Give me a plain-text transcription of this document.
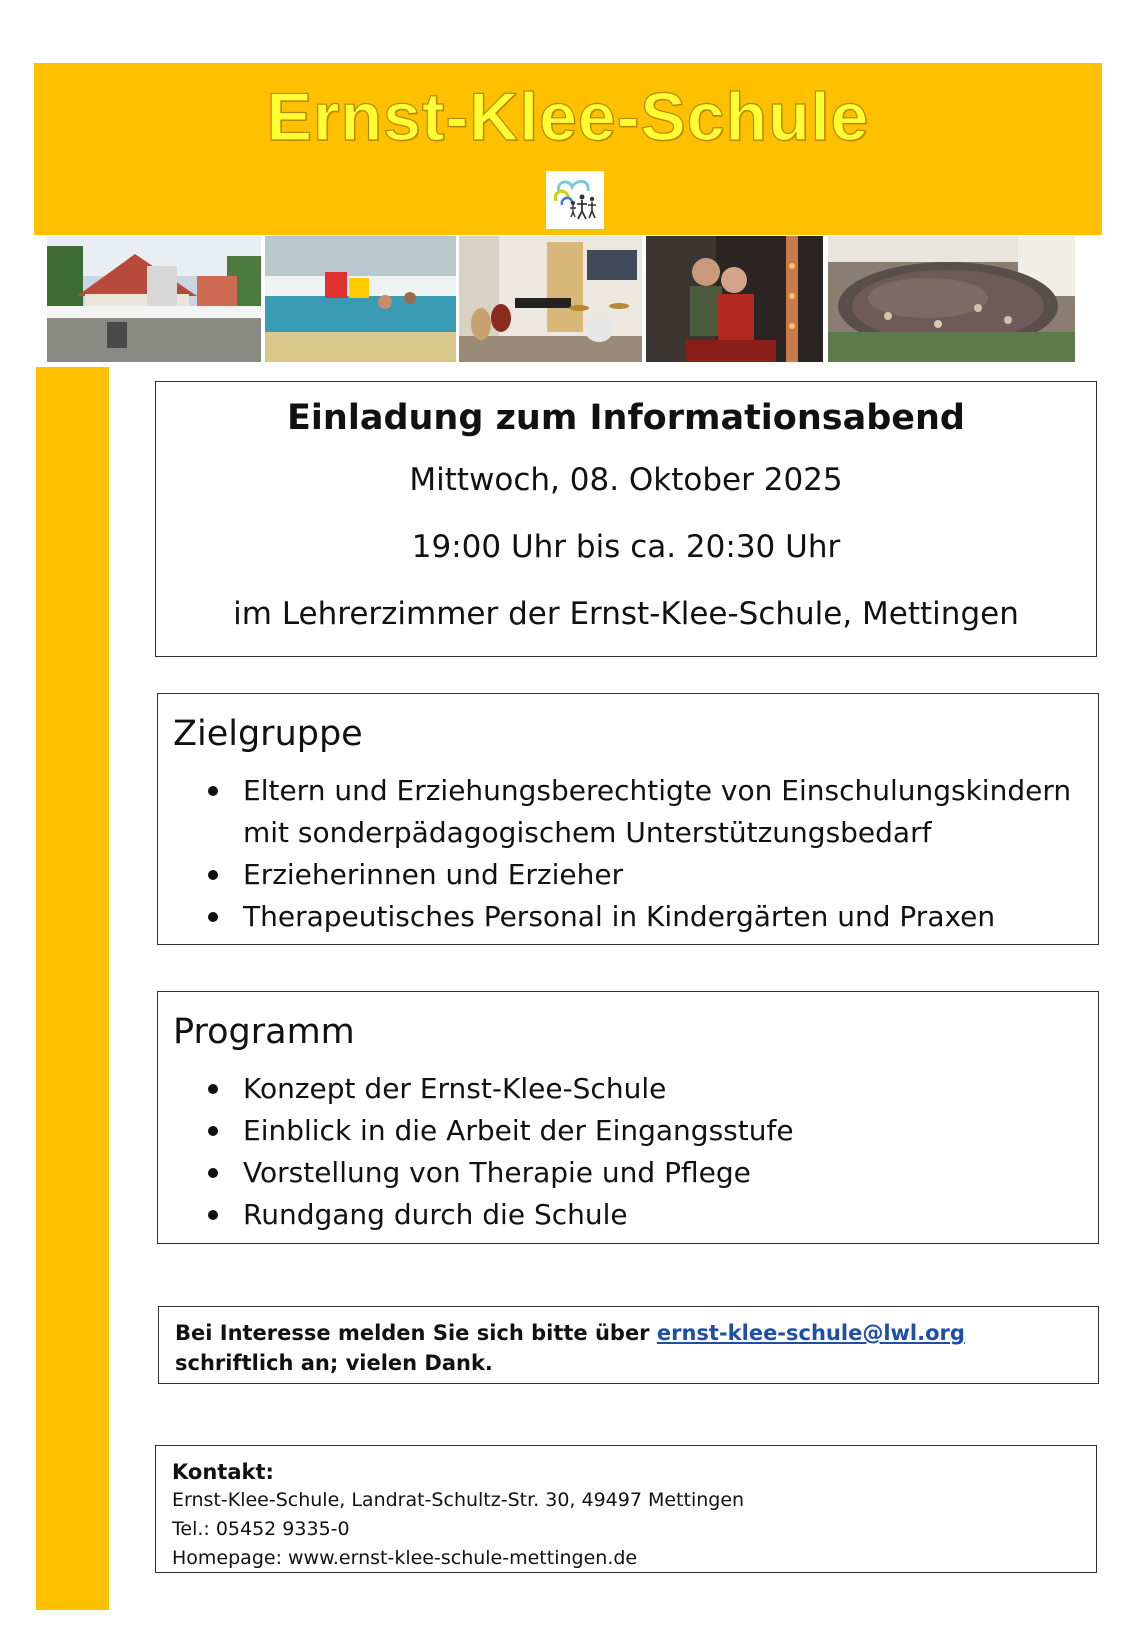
Ernst-Klee-Schule
Einladung zum Informationsabend
Mittwoch, 08. Oktober 2025
19:00 Uhr bis ca. 20:30 Uhr
im Lehrerzimmer der Ernst-Klee-Schule, Mettingen
Zielgruppe
Eltern und Erziehungsberechtigte von Einschulungskindern mit sonderpädagogischem Unterstützungsbedarf
Erzieherinnen und Erzieher
Therapeutisches Personal in Kindergärten und Praxen
Programm
Konzept der Ernst-Klee-Schule
Einblick in die Arbeit der Eingangsstufe
Vorstellung von Therapie und Pflege
Rundgang durch die Schule
Bei Interesse melden Sie sich bitte über ernst-klee-schule@lwl.org schriftlich an; vielen Dank.
Kontakt:
Ernst-Klee-Schule, Landrat-Schultz-Str. 30, 49497 Mettingen
Tel.: 05452 9335-0
Homepage: www.ernst-klee-schule-mettingen.de
